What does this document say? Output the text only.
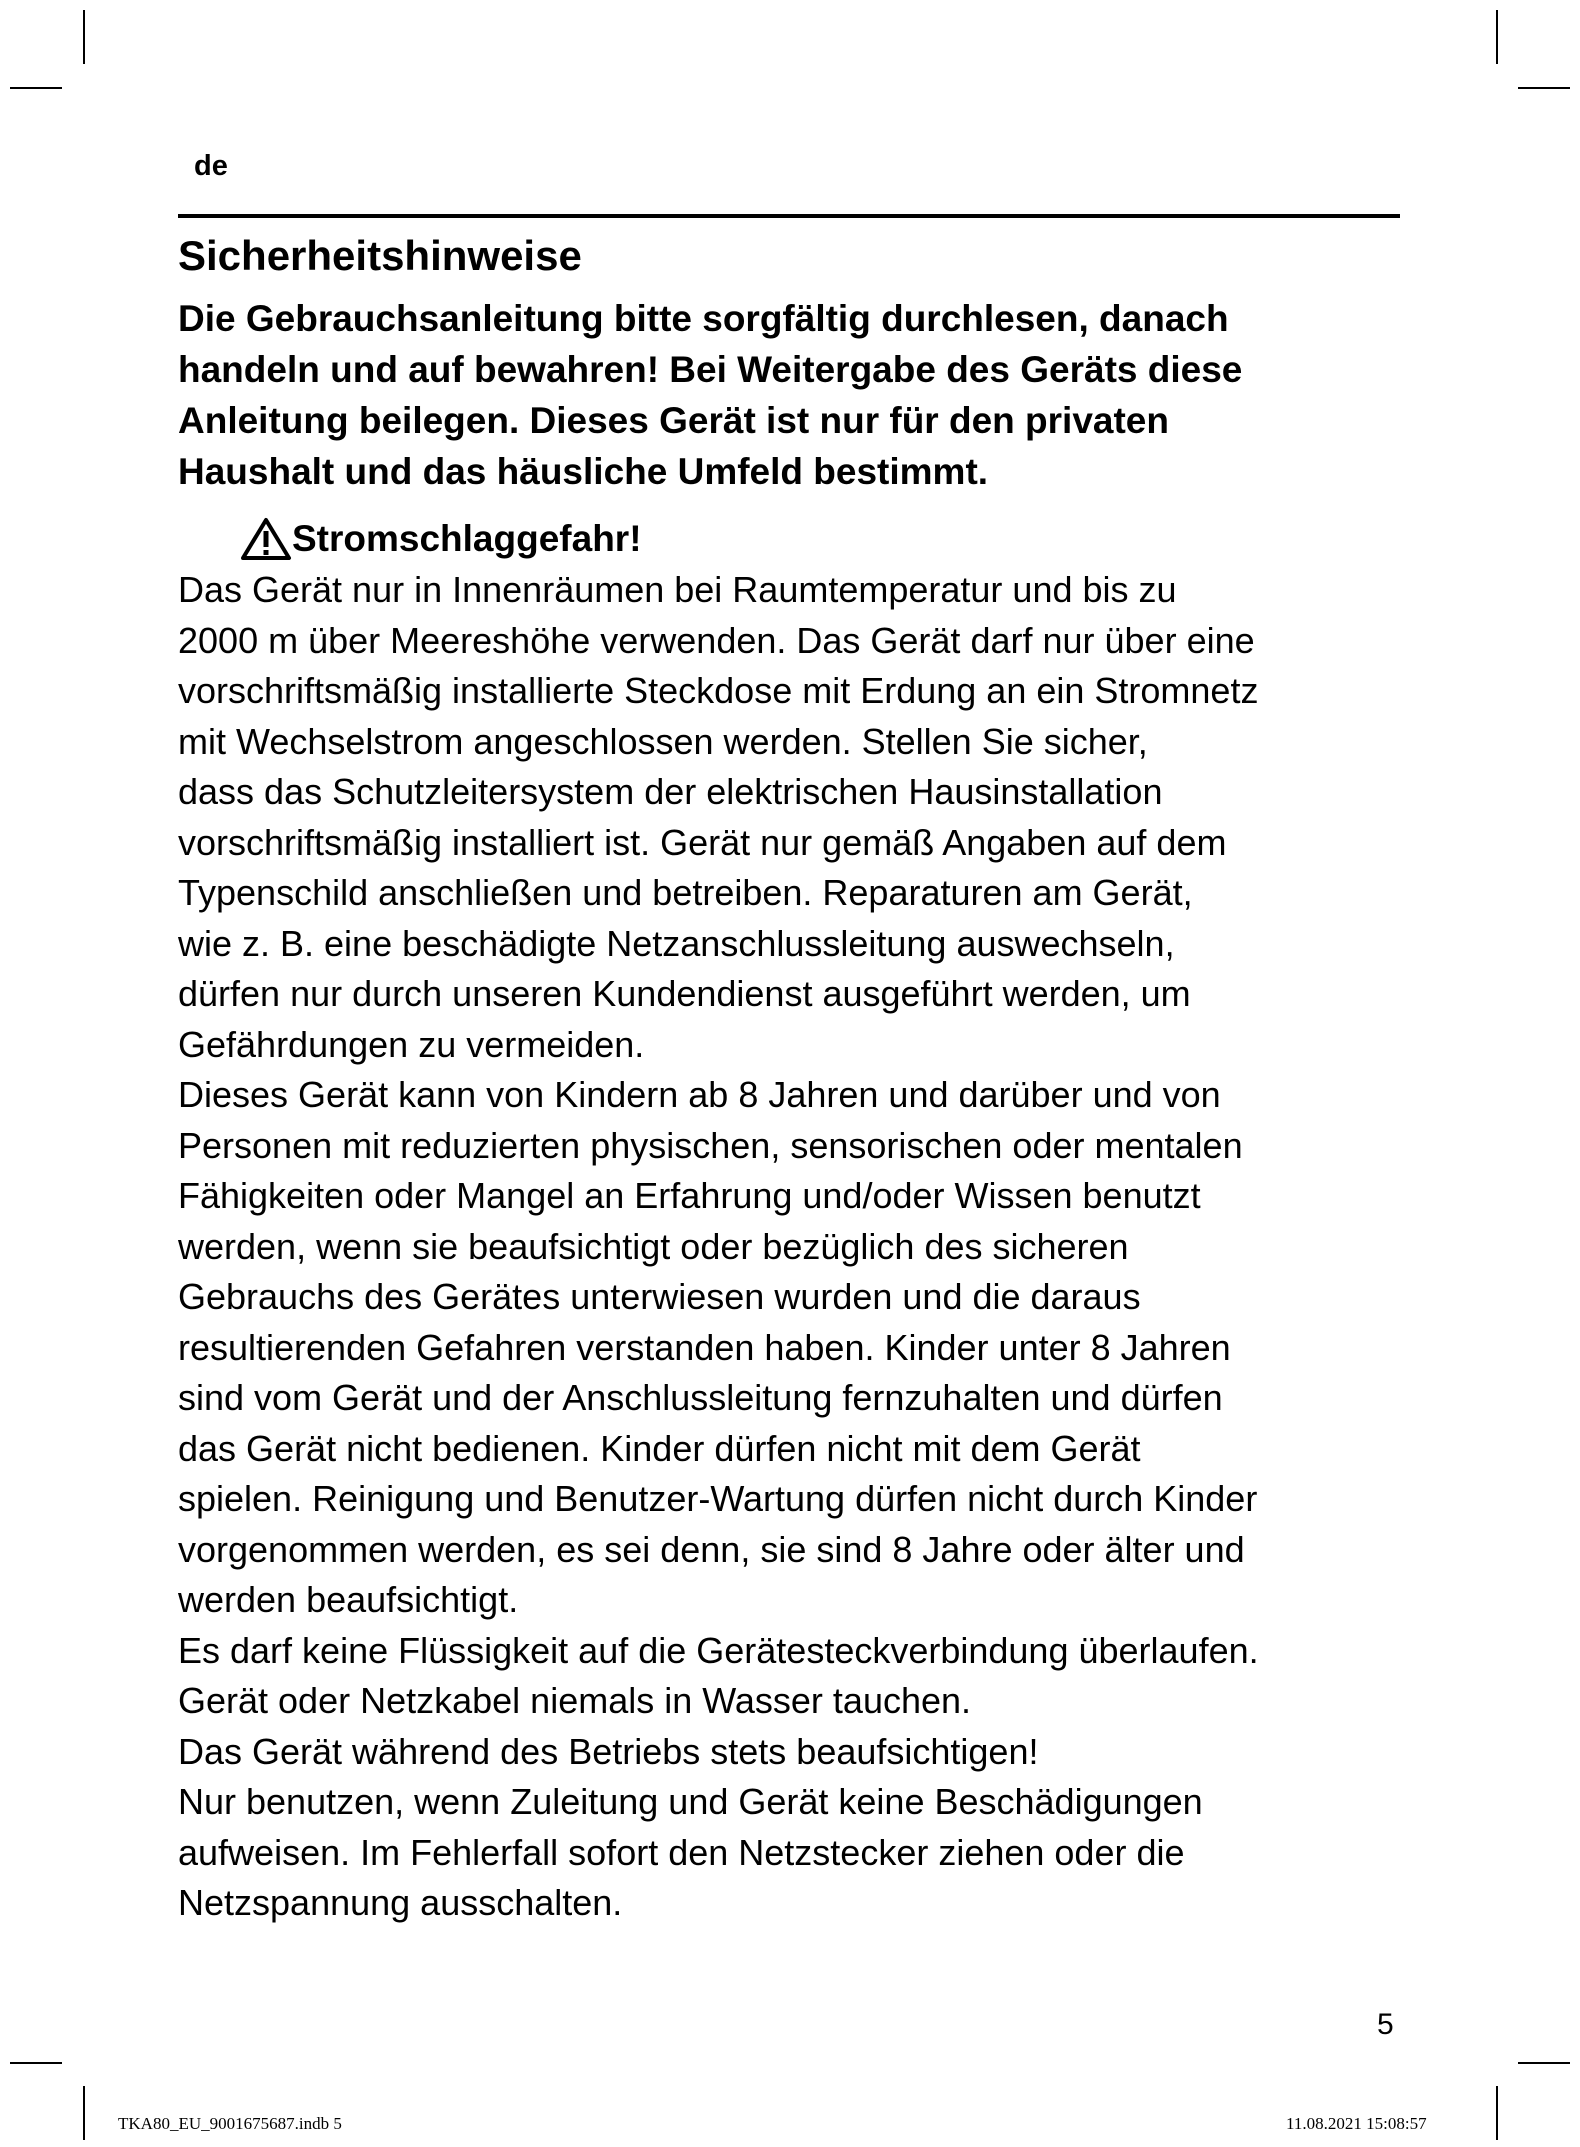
de
Sicherheitshinweise

Die Gebrauchsanleitung bitte sorgfältig durchlesen, danach
handeln und auf bewahren! Bei Weitergabe des Geräts diese
Anleitung beilegen. Dieses Gerät ist nur für den privaten
Haushalt und das häusliche Umfeld bestimmt.

Stromschlaggefahr!

Das Gerät nur in Innenräumen bei Raumtemperatur und bis zu
2000 m über Meereshöhe verwenden. Das Gerät darf nur über eine
vorschriftsmäßig installierte Steckdose mit Erdung an ein Stromnetz
mit Wechselstrom angeschlossen werden. Stellen Sie sicher,
dass das Schutzleitersystem der elektrischen Hausinstallation
vorschriftsmäßig installiert ist. Gerät nur gemäß Angaben auf dem
Typenschild anschließen und betreiben. Reparaturen am Gerät,
wie z. B. eine beschädigte Netzanschlussleitung auswechseln,
dürfen nur durch unseren Kundendienst ausgeführt werden, um
Gefährdungen zu vermeiden.
Dieses Gerät kann von Kindern ab 8 Jahren und darüber und von
Personen mit reduzierten physischen, sensorischen oder mentalen
Fähigkeiten oder Mangel an Erfahrung und/oder Wissen benutzt
werden, wenn sie beaufsichtigt oder bezüglich des sicheren
Gebrauchs des Gerätes unterwiesen wurden und die daraus
resultierenden Gefahren verstanden haben. Kinder unter 8 Jahren
sind vom Gerät und der Anschlussleitung fernzuhalten und dürfen
das Gerät nicht bedienen. Kinder dürfen nicht mit dem Gerät
spielen. Reinigung und Benutzer-Wartung dürfen nicht durch Kinder
vorgenommen werden, es sei denn, sie sind 8 Jahre oder älter und
werden beaufsichtigt.
Es darf keine Flüssigkeit auf die Gerätesteckverbindung überlaufen.
Gerät oder Netzkabel niemals in Wasser tauchen.
Das Gerät während des Betriebs stets beaufsichtigen!
Nur benutzen, wenn Zuleitung und Gerät keine Beschädigungen
aufweisen. Im Fehlerfall sofort den Netzstecker ziehen oder die
Netzspannung ausschalten.

5
TKA80_EU_9001675687.indb 5	11.08.2021 15:08:57
